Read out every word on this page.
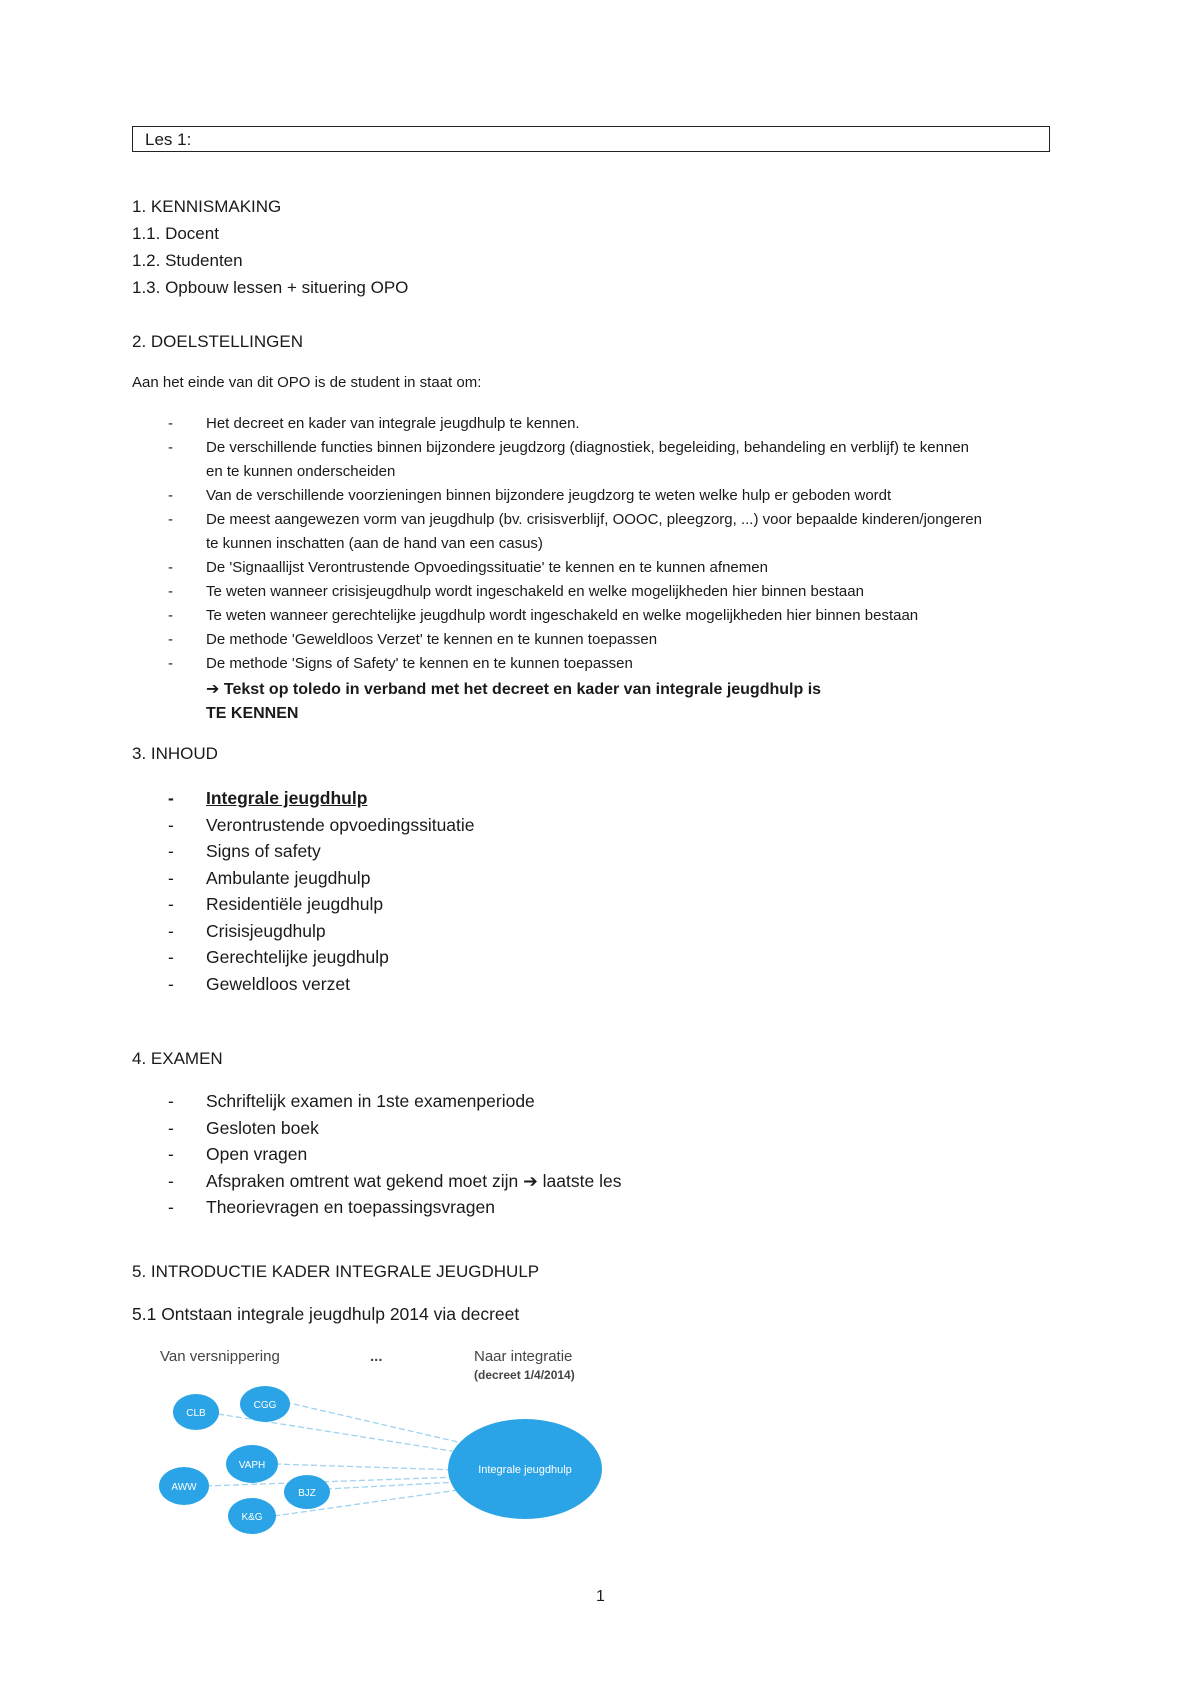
Les 1:
1. KENNISMAKING
1.1. Docent
1.2. Studenten
1.3. Opbouw lessen + situering OPO
2. DOELSTELLINGEN
Aan het einde van dit OPO is de student in staat om:
- Het decreet en kader van integrale jeugdhulp te kennen.
- De verschillende functies binnen bijzondere jeugdzorg (diagnostiek, begeleiding, behandeling en verblijf) te kennen
en te kunnen onderscheiden
- Van de verschillende voorzieningen binnen bijzondere jeugdzorg te weten welke hulp er geboden wordt
- De meest aangewezen vorm van jeugdhulp (bv. crisisverblijf, OOOC, pleegzorg, ...) voor bepaalde kinderen/jongeren
te kunnen inschatten (aan de hand van een casus)
- De 'Signaallijst Verontrustende Opvoedingssituatie' te kennen en te kunnen afnemen
- Te weten wanneer crisisjeugdhulp wordt ingeschakeld en welke mogelijkheden hier binnen bestaan
- Te weten wanneer gerechtelijke jeugdhulp wordt ingeschakeld en welke mogelijkheden hier binnen bestaan
- De methode 'Geweldloos Verzet' te kennen en te kunnen toepassen
- De methode 'Signs of Safety' te kennen en te kunnen toepassen
➔ Tekst op toledo in verband met het decreet en kader van integrale jeugdhulp is
TE KENNEN
3. INHOUD
- Integrale jeugdhulp
- Verontrustende opvoedingssituatie
- Signs of safety
- Ambulante jeugdhulp
- Residentiële jeugdhulp
- Crisisjeugdhulp
- Gerechtelijke jeugdhulp
- Geweldloos verzet
4. EXAMEN
- Schriftelijk examen in 1ste examenperiode
- Gesloten boek
- Open vragen
- Afspraken omtrent wat gekend moet zijn ➔ laatste les
- Theorievragen en toepassingsvragen
5. INTRODUCTIE KADER INTEGRALE JEUGDHULP
5.1 Ontstaan integrale jeugdhulp 2014 via decreet
Van versnippering	...	Naar integratie
(decreet 1/4/2014)
CLB
CGG
VAPH
AWW
BJZ
K&G
Integrale jeugdhulp
1
